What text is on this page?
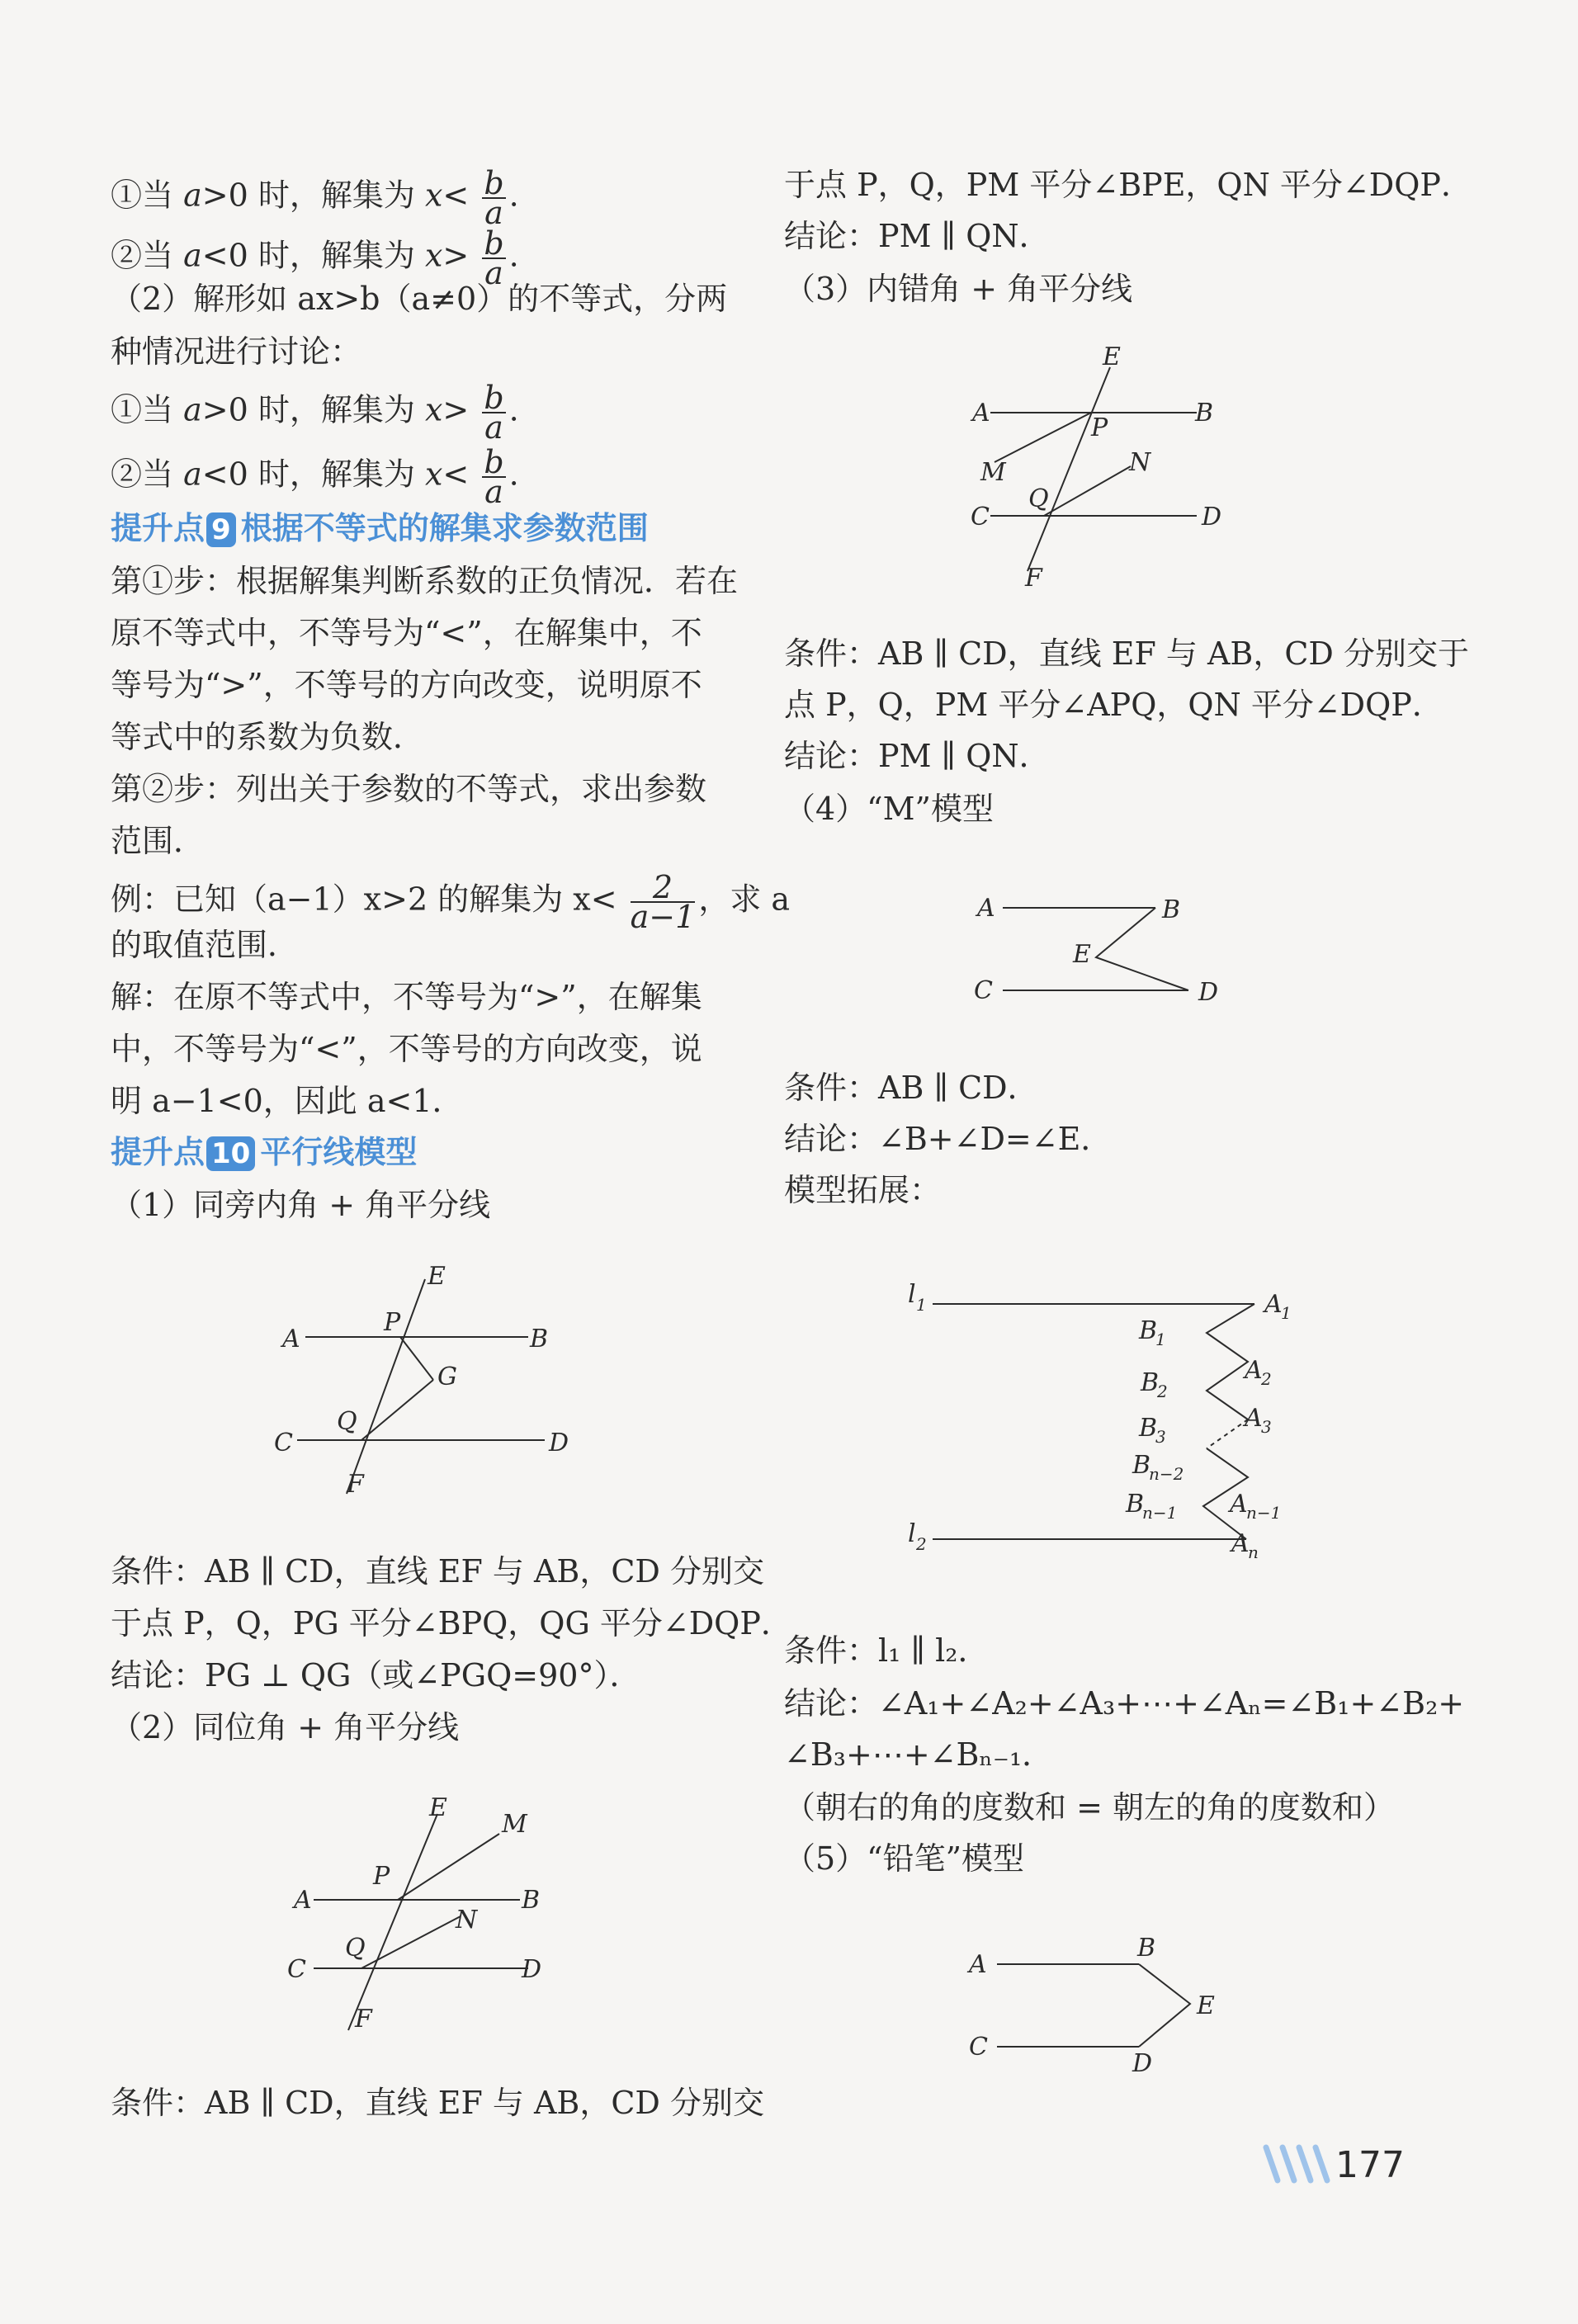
①当 a>0 时，解集为 $x< \frac{b}{a}$ .
②当 a<0 时，解集为 $x> \frac{b}{a}$ .
（2）解形如 ax>b（a≠0）的不等式，分两
种情况进行讨论：
①当 a>0 时，解集为 $x> \frac{b}{a}$ .
②当 a<0 时，解集为 $x< \frac{b}{a}$ .
提升点 9 根据不等式的解集求参数范围
第①步：根据解集判断系数的正负情况．若在
原不等式中，不等号为“<”，在解集中，不
等号为“>”，不等号的方向改变，说明原不
等式中的系数为负数．
第②步：列出关于参数的不等式，求出参数
范围．
例：已知（a−1）x>2 的解集为 $x< \frac{2}{a-1}$ ，求 a
的取值范围．
解：在原不等式中，不等号为“>”，在解集
中，不等号为“<”，不等号的方向改变，说
明 a−1<0，因此 a<1．
提升点 10 平行线模型
（1）同旁内角 + 角平分线
A	B
C	D
E
F
P
G
Q
条件：AB ∥ CD，直线 EF 与 AB，CD 分别交
于点 P，Q，PG 平分∠BPQ，QG 平分∠DQP．
结论：PG ⊥ QG（或∠PGQ=90°）．
（2）同位角 + 角平分线
A	B
C	D
E
M
P
N
Q
F
条件：AB ∥ CD，直线 EF 与 AB，CD 分别交
于点 P，Q，PM 平分∠BPE，QN 平分∠DQP．
结论：PM ∥ QN．
（3）内错角 + 角平分线
A	B
C	D
E
F
P
M	N
Q
条件：AB ∥ CD，直线 EF 与 AB，CD 分别交于
点 P，Q，PM 平分∠APQ，QN 平分∠DQP．
结论：PM ∥ QN．
（4）“M”模型
A	B
E
C	D
条件：AB ∥ CD．
结论：∠B+∠D=∠E．
模型拓展：
l 1
l 2
A
1
B
1
A
2
B
2
A
3
B
3
B
n−2
B
n−1 A
n−1
A
n
条件：l₁ ∥ l₂．
结论：∠A₁+∠A₂+∠A₃+⋯+∠Aₙ=∠B₁+∠B₂+
∠B₃+⋯+∠Bₙ₋₁．
（朝右的角的度数和 = 朝左的角的度数和）
（5）“铅笔”模型
A
B
E
C
D
177
